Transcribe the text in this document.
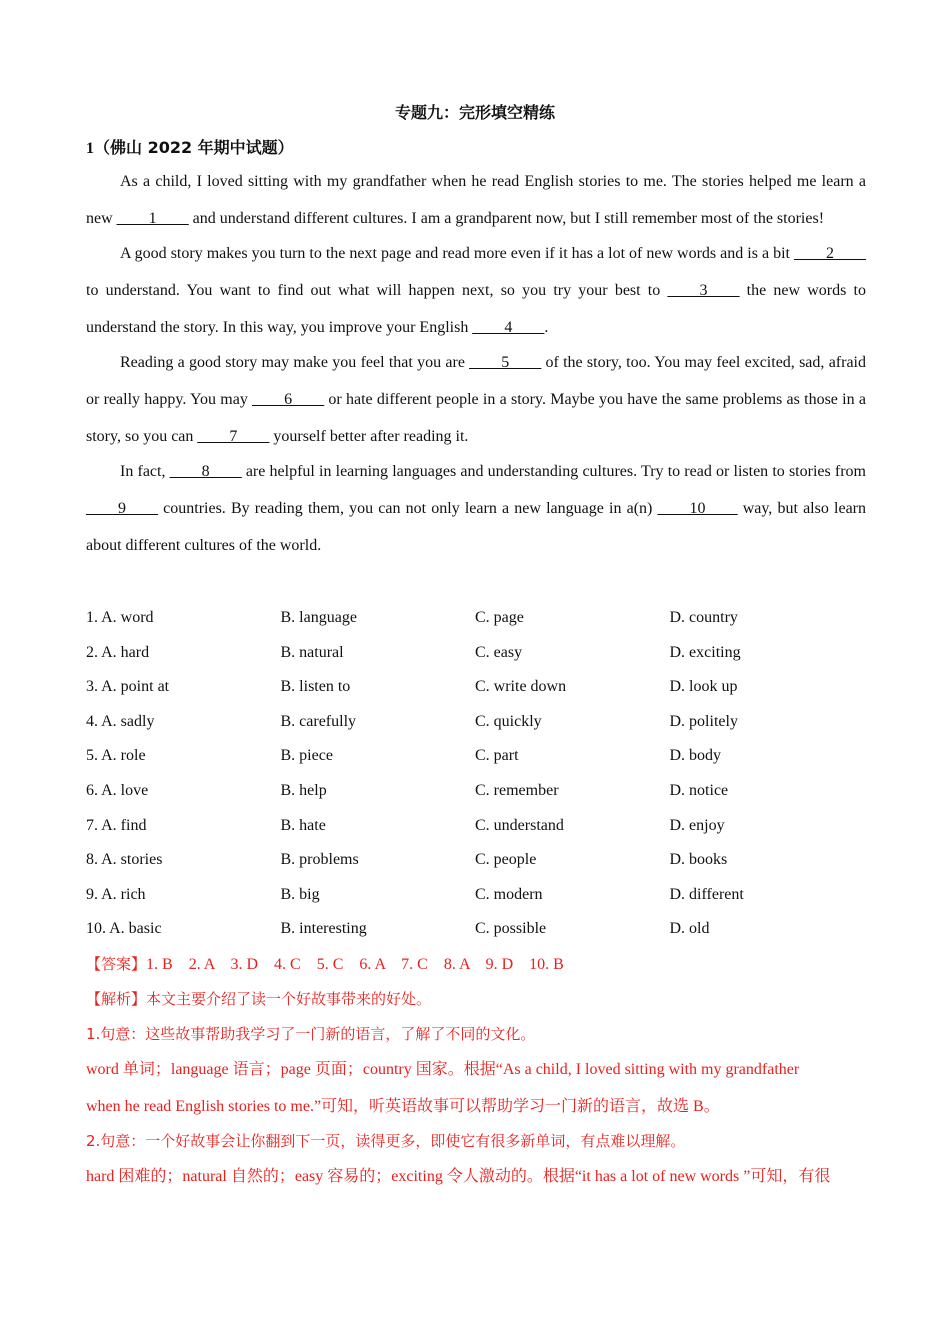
专题九：完形填空精练
1（佛山 2022 年期中试题）

As a child, I loved sitting with my grandfather when he read English stories to me. The stories helped me learn a new ____1____ and understand different cultures. I am a grandparent now, but I still remember most of the stories!

A good story makes you turn to the next page and read more even if it has a lot of new words and is a bit ____2____ to understand. You want to find out what will happen next, so you try your best to ____3____ the new words to understand the story. In this way, you improve your English ____4____.

Reading a good story may make you feel that you are ____5____ of the story, too. You may feel excited, sad, afraid or really happy. You may ____6____ or hate different people in a story. Maybe you have the same problems as those in a story, so you can ____7____ yourself better after reading it.

In fact, ____8____ are helpful in learning languages and understanding cultures. Try to read or listen to stories from ____9____ countries. By reading them, you can not only learn a new language in a(n) ____10____ way, but also learn about different cultures of the world.

1. A. word	B. language	C. page	D. country
2. A. hard	B. natural	C. easy	D. exciting
3. A. point at	B. listen to	C. write down	D. look up
4. A. sadly	B. carefully	C. quickly	D. politely
5. A. role	B. piece	C. part	D. body
6. A. love	B. help	C. remember	D. notice
7. A. find	B. hate	C. understand	D. enjoy
8. A. stories	B. problems	C. people	D. books
9. A. rich	B. big	C. modern	D. different
10. A. basic	B. interesting	C. possible	D. old
【答案】1. B    2. A    3. D    4. C    5. C    6. A    7. C    8. A    9. D    10. B
【解析】本文主要介绍了读一个好故事带来的好处。
1.句意：这些故事帮助我学习了一门新的语言，了解了不同的文化。
word 单词；language 语言；page 页面；country 国家。根据“As a child, I loved sitting with my grandfather
when he read English stories to me.”可知，听英语故事可以帮助学习一门新的语言，故选 B。
2.句意：一个好故事会让你翻到下一页，读得更多，即使它有很多新单词，有点难以理解。
hard 困难的；natural 自然的；easy 容易的；exciting 令人激动的。根据“it has a lot of new words ”可知，有很
